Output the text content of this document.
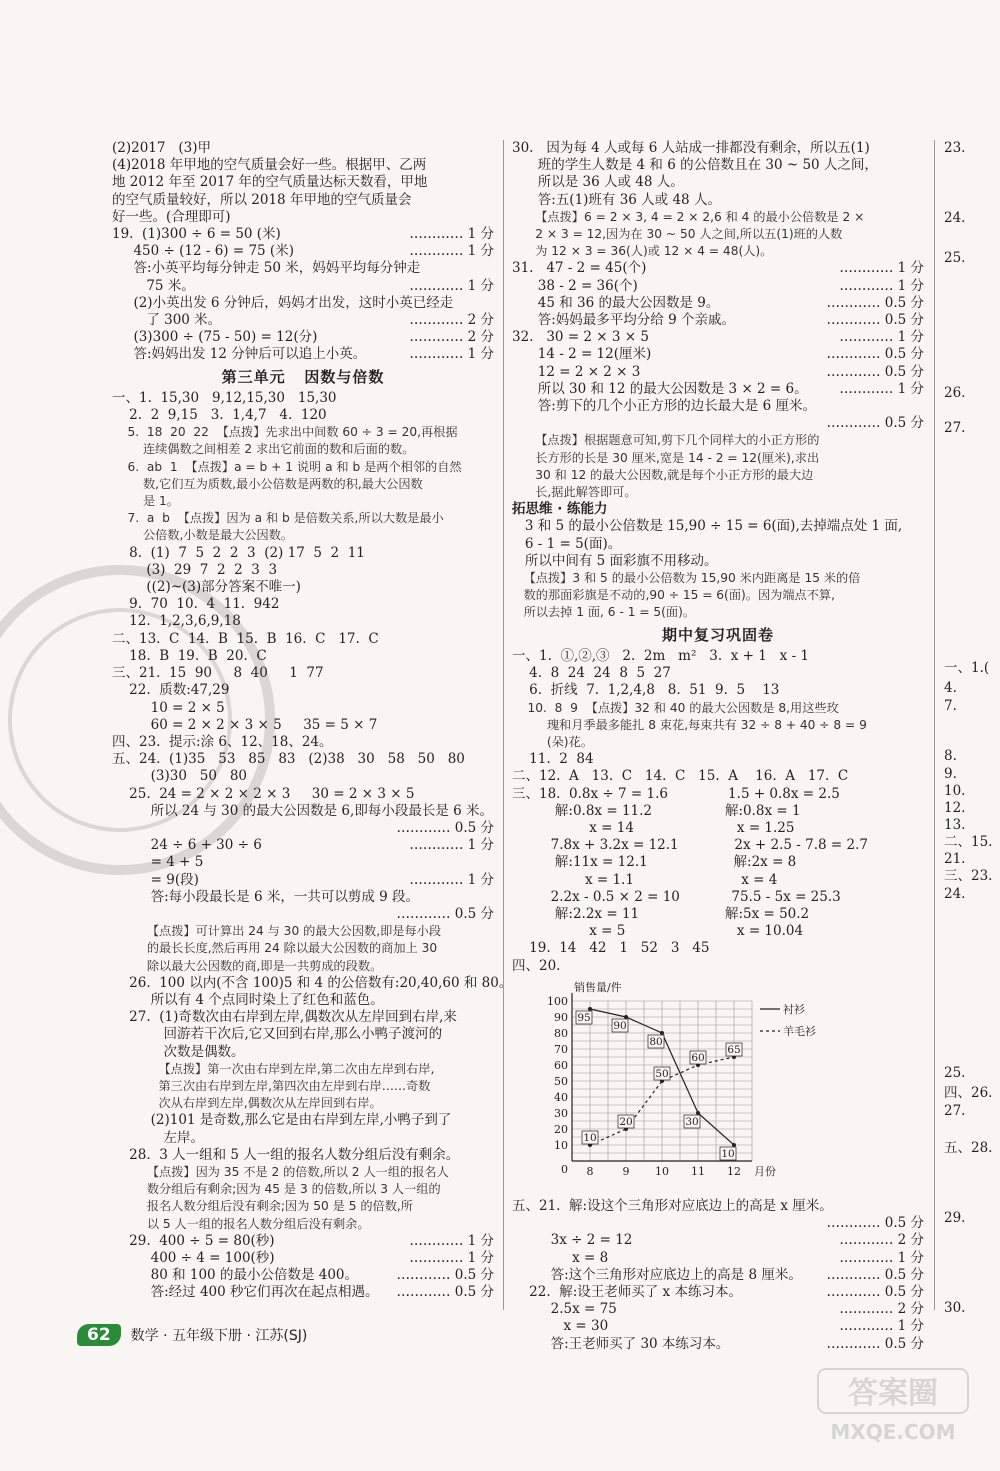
(2)2017   (3)甲
(4)2018 年甲地的空气质量会好一些。根据甲、乙两
地 2012 年至 2017 年的空气质量达标天数看，甲地
的空气质量较好，所以 2018 年甲地的空气质量会
好一些。(合理即可)
19.  (1)300 ÷ 6 = 50 (米)	………… 1 分
450 ÷ (12 - 6) = 75 (米)	………… 1 分
答:小英平均每分钟走 50 米，妈妈平均每分钟走
75 米。	………… 1 分
(2)小英出发 6 分钟后，妈妈才出发，这时小英已经走
了 300 米。	………… 2 分
(3)300 ÷ (75 - 50) = 12(分)	………… 2 分
答:妈妈出发 12 分钟后可以追上小英。	………… 1 分
第三单元   因数与倍数
一、1.  15,30   9,12,15,30   15,30
2.  2  9,15   3.  1,4,7   4.  120
5.  18  20  22  【点拨】先求出中间数 60 ÷ 3 = 20,再根据
连续偶数之间相差 2 求出它前面的数和后面的数。
6.  ab  1  【点拨】a = b + 1 说明 a 和 b 是两个相邻的自然
数,它们互为质数,最小公倍数是两数的积,最大公因数
是 1。
7.  a  b  【点拨】因为 a 和 b 是倍数关系,所以大数是最小
公倍数,小数是最大公因数。
8.  (1)  7  5  2  2  3  (2) 17  5  2  11
(3)  29  7  2  2  3  3
((2)~(3)部分答案不唯一)
9.  70  10.  4  11.  942
12.  1,2,3,6,9,18
二、13.  C  14.  B  15.  B  16.  C   17.  C
18.  B  19.  B  20.  C
三、21.  15  90     8  40     1  77
22.  质数:47,29
10 = 2 × 5
60 = 2 × 2 × 3 × 5     35 = 5 × 7
四、23.  提示:涂 6、12、18、24。
五、24.  (1)35   53   85   83   (2)38   30   58   50   80
(3)30   50   80
25.  24 = 2 × 2 × 2 × 3     30 = 2 × 3 × 5
所以 24 与 30 的最大公因数是 6,即每小段最长是 6 米。
………… 0.5 分
24 ÷ 6 + 30 ÷ 6	………… 1 分
= 4 + 5
= 9(段)	………… 1 分
答:每小段最长是 6 米，一共可以剪成 9 段。
………… 0.5 分
【点拨】可计算出 24 与 30 的最大公因数,即是每小段
的最长长度,然后再用 24 除以最大公因数的商加上 30
除以最大公因数的商,即是一共剪成的段数。
26.  100 以内(不含 100)5 和 4 的公倍数有:20,40,60 和 80。
所以有 4 个点同时染上了红色和蓝色。
27.  (1)奇数次由右岸到左岸,偶数次从左岸回到右岸,来
回游若干次后,它又回到右岸,那么小鸭子渡河的
次数是偶数。
【点拨】第一次由右岸到左岸,第二次由左岸到右岸,
第三次由右岸到左岸,第四次由左岸到右岸……奇数
次从右岸到左岸,偶数次从左岸回到右岸。
(2)101 是奇数,那么它是由右岸到左岸,小鸭子到了
左岸。
28.  3 人一组和 5 人一组的报名人数分组后没有剩余。
【点拨】因为 35 不是 2 的倍数,所以 2 人一组的报名人
数分组后有剩余;因为 45 是 3 的倍数,所以 3 人一组的
报名人数分组后没有剩余;因为 50 是 5 的倍数,所
以 5 人一组的报名人数分组后没有剩余。
29.  400 ÷ 5 = 80(秒)	………… 1 分
400 ÷ 4 = 100(秒)	………… 1 分
80 和 100 的最小公倍数是 400。	………… 0.5 分
答:经过 400 秒它们再次在起点相遇。 ………… 0.5 分
30.   因为每 4 人或每 6 人站成一排都没有剩余，所以五(1)
班的学生人数是 4 和 6 的公倍数且在 30 ~ 50 人之间，
所以是 36 人或 48 人。
答:五(1)班有 36 人或 48 人。
【点拨】6 = 2 × 3, 4 = 2 × 2,6 和 4 的最小公倍数是 2 ×
2 × 3 = 12,因为在 30 ~ 50 人之间,所以五(1)班的人数
为 12 × 3 = 36(人)或 12 × 4 = 48(人)。
31.   47 - 2 = 45(个)	………… 1 分
38 - 2 = 36(个)	………… 1 分
45 和 36 的最大公因数是 9。	………… 0.5 分
答:妈妈最多平均分给 9 个亲戚。	………… 0.5 分
32.   30 = 2 × 3 × 5	………… 1 分
14 - 2 = 12(厘米)	………… 0.5 分
12 = 2 × 2 × 3	………… 0.5 分
所以 30 和 12 的最大公因数是 3 × 2 = 6。 ………… 1 分
答:剪下的几个小正方形的边长最大是 6 厘米。
………… 0.5 分
【点拨】根据题意可知,剪下几个同样大的小正方形的
长方形的长是 30 厘米,宽是 14 - 2 = 12(厘米),求出
30 和 12 的最大公因数,就是每个小正方形的最大边
长,据此解答即可。
拓思维 · 练能力
3 和 5 的最小公倍数是 15,90 ÷ 15 = 6(面),去掉端点处 1 面,
6 - 1 = 5(面)。
所以中间有 5 面彩旗不用移动。
【点拨】3 和 5 的最小公倍数为 15,90 米内距离是 15 米的倍
数的那面彩旗是不动的,90 ÷ 15 = 6(面)。因为端点不算,
所以去掉 1 面, 6 - 1 = 5(面)。
期中复习巩固卷
一、1.  ①,②,③   2.  2m   m²   3.  x + 1   x - 1
4.  8  24  24  8  5  27
6.  折线  7.  1,2,4,8   8.  51  9.  5    13
10.  8  9  【点拨】32 和 40 的最大公因数是 8,用这些玫
瑰和月季最多能扎 8 束花,每束共有 32 ÷ 8 + 40 ÷ 8 = 9
(朵)花。
11.  2  84
二、12.  A   13.  C   14.  C   15.  A    16.  A   17.  C
三、18.  0.8x ÷ 7 = 1.6              1.5 + 0.8x = 2.5
解:0.8x = 11.2                 解:0.8x = 1
x = 14                        x = 1.25
7.8x + 3.2x = 12.1             2x + 2.5 - 7.8 = 2.7
解:11x = 12.1                    解:2x = 8
x = 1.1                         x = 4
2.2x - 0.5 × 2 = 10            75.5 - 5x = 25.3
解:2.2x = 11                    解:5x = 50.2
x = 5                          x = 10.04
19.  14   42   1   52   3   45
四、20.
10
20
30
40
50
60
70
80
90
100
0 8	9 10 11 12
销售量/件
月份
95
90
80
30
10
衬衫
10
20
50
60
65
羊毛衫
五、21.  解:设这个三角形对应底边上的高是 x 厘米。
………… 0.5 分
3x ÷ 2 = 12	………… 2 分
x = 8	………… 1 分
答:这个三角形对应底边上的高是 8 厘米。 ………… 0.5 分
22.  解:设王老师买了 x 本练习本。	………… 0.5 分
2.5x = 75	………… 2 分
x = 30	………… 1 分
答:王老师买了 30 本练习本。	………… 0.5 分
23.
24.
25.
26.
27.
一、1.(
4.
7.
8.
9.
10.
12.
13.
二、15.
21.
三、23.
24.
25.
四、26.
27.
五、28.
29.
30.
62	数学 · 五年级下册 · 江苏(SJ)
答案圈
MXQE.COM
